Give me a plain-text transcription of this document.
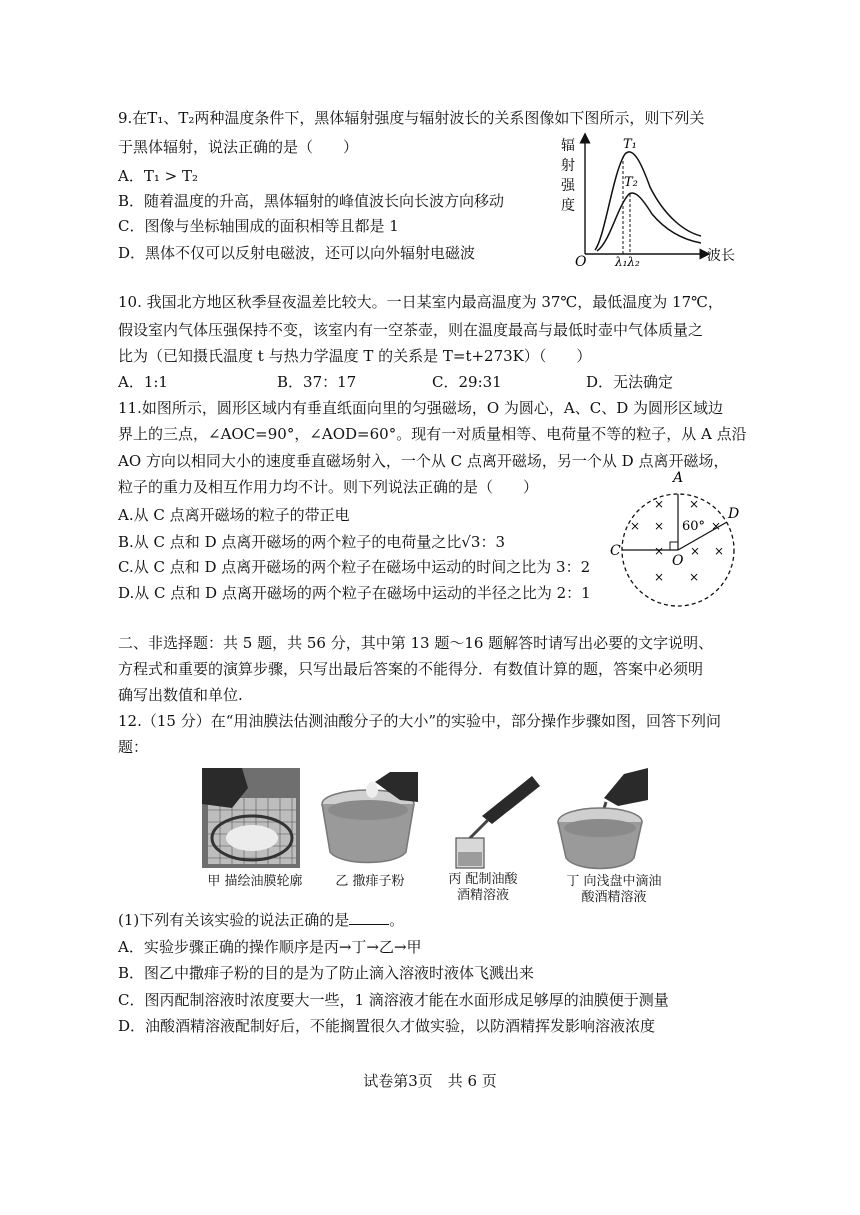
9.在T₁、T₂两种温度条件下，黑体辐射强度与辐射波长的关系图像如下图所示，则下列关
于黑体辐射，说法正确的是（　　）
A．T₁ > T₂
B．随着温度的升高，黑体辐射的峰值波长向长波方向移动
C．图像与坐标轴围成的面积相等且都是 1
D．黑体不仅可以反射电磁波，还可以向外辐射电磁波
辐
射
强
度
O	波长
T₁
T₂
λ₁λ₂
10. 我国北方地区秋季昼夜温差比较大。一日某室内最高温度为 37℃，最低温度为 17℃，
假设室内气体压强保持不变，该室内有一空茶壶，则在温度最高与最低时壶中气体质量之
比为（已知摄氏温度 t 与热力学温度 T 的关系是 T=t+273K）（　　）
A．1:1	B．37：17	C．29:31	D．无法确定
11.如图所示，圆形区域内有垂直纸面向里的匀强磁场，O 为圆心，A、C、D 为圆形区域边
界上的三点，∠AOC=90°，∠AOD=60°。现有一对质量相等、电荷量不等的粒子，从 A 点沿
AO 方向以相同大小的速度垂直磁场射入，一个从 C 点离开磁场，另一个从 D 点离开磁场，
粒子的重力及相互作用力均不计。则下列说法正确的是（　　）
A.从 C 点离开磁场的粒子的带正电
B.从 C 点和 D 点离开磁场的两个粒子的电荷量之比√3：3
C.从 C 点和 D 点离开磁场的两个粒子在磁场中运动的时间之比为 3：2
D.从 C 点和 D 点离开磁场的两个粒子在磁场中运动的半径之比为 2：1
A
C
D
O
60°
× ×
× ×	×
× × ×
× ×
二、非选择题：共 5 题，共 56 分，其中第 13 题～16 题解答时请写出必要的文字说明、
方程式和重要的演算步骤，只写出最后答案的不能得分．有数值计算的题，答案中必须明
确写出数值和单位.
12.（15 分）在“用油膜法估测油酸分子的大小”的实验中，部分操作步骤如图，回答下列问
题：
甲 描绘油膜轮廓	乙 撒痱子粉	丙 配制油酸
酒精溶液
丁 向浅盘中滴油
酸酒精溶液
(1)下列有关该实验的说法正确的是	。
A．实验步骤正确的操作顺序是丙→丁→乙→甲
B．图乙中撒痱子粉的目的是为了防止滴入溶液时液体飞溅出来
C．图丙配制溶液时浓度要大一些，1 滴溶液才能在水面形成足够厚的油膜便于测量
D．油酸酒精溶液配制好后，不能搁置很久才做实验，以防酒精挥发影响溶液浓度
试卷第3页　共 6 页
